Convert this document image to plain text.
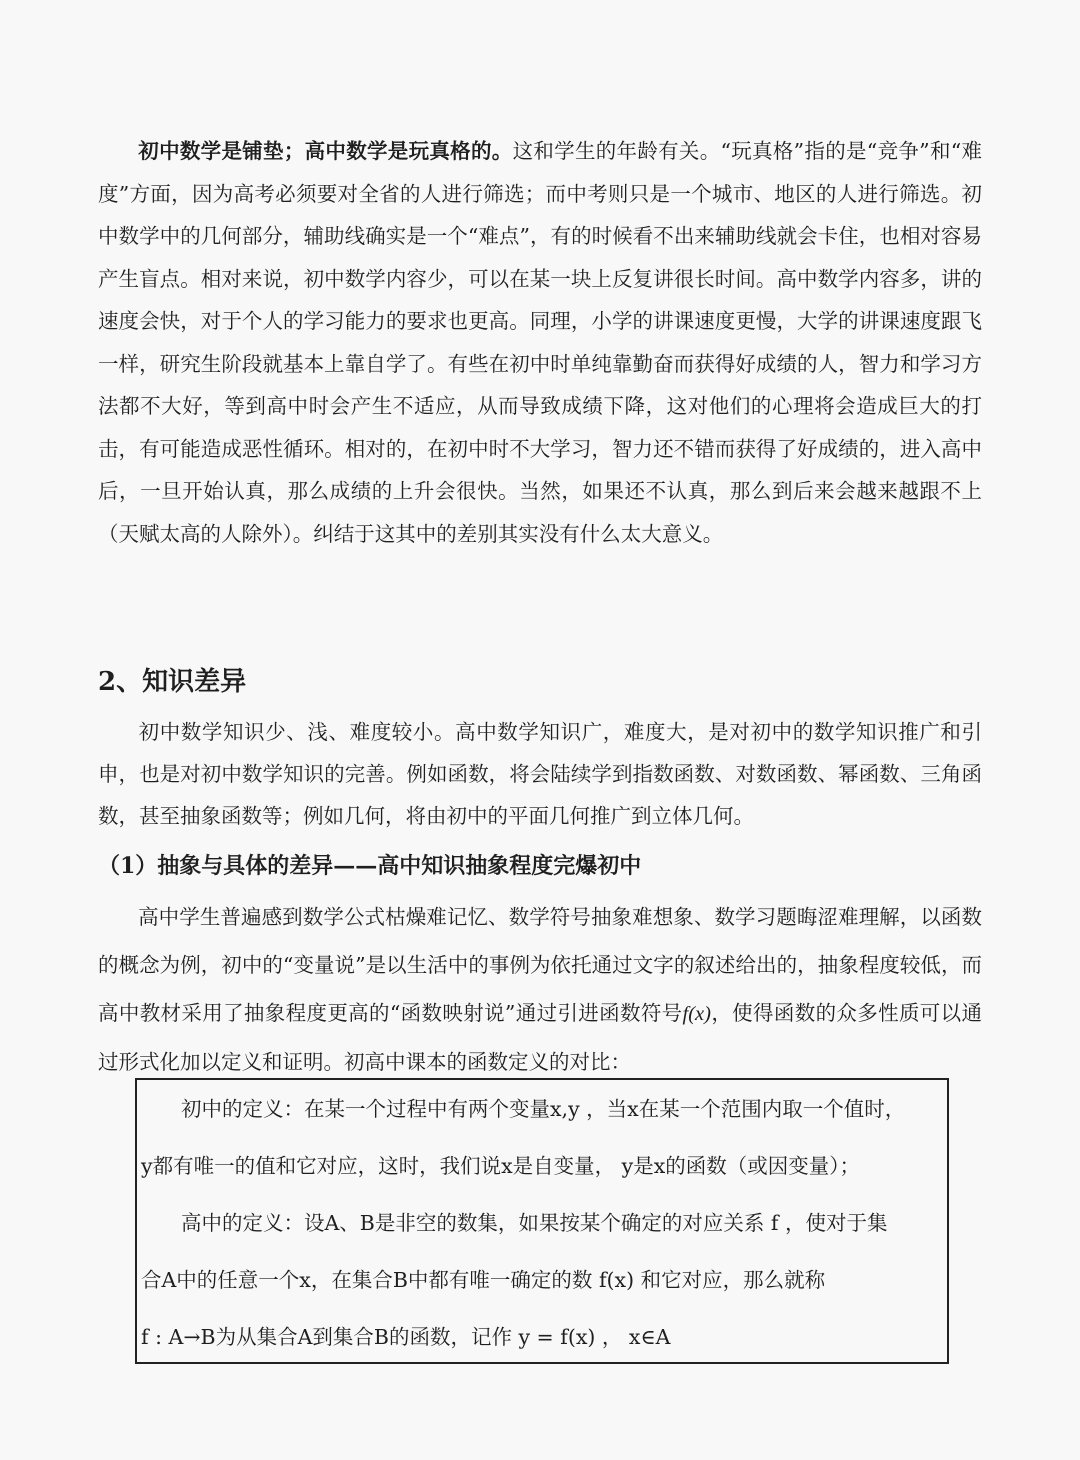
初中数学是铺垫；高中数学是玩真格的。这和学生的年龄有关。“玩真格”指的是“竞争”和“难度”方面，因为高考必须要对全省的人进行筛选；而中考则只是一个城市、地区的人进行筛选。初中数学中的几何部分，辅助线确实是一个“难点”，有的时候看不出来辅助线就会卡住，也相对容易产生盲点。相对来说，初中数学内容少，可以在某一块上反复讲很长时间。高中数学内容多，讲的速度会快，对于个人的学习能力的要求也更高。同理，小学的讲课速度更慢，大学的讲课速度跟飞一样，研究生阶段就基本上靠自学了。有些在初中时单纯靠勤奋而获得好成绩的人，智力和学习方法都不大好，等到高中时会产生不适应，从而导致成绩下降，这对他们的心理将会造成巨大的打击，有可能造成恶性循环。相对的，在初中时不大学习，智力还不错而获得了好成绩的，进入高中后，一旦开始认真，那么成绩的上升会很快。当然，如果还不认真，那么到后来会越来越跟不上（天赋太高的人除外）。纠结于这其中的差别其实没有什么太大意义。

2、知识差异

初中数学知识少、浅、难度较小。高中数学知识广，难度大，是对初中的数学知识推广和引申，也是对初中数学知识的完善。例如函数，将会陆续学到指数函数、对数函数、幂函数、三角函数，甚至抽象函数等；例如几何，将由初中的平面几何推广到立体几何。

（1）抽象与具体的差异——高中知识抽象程度完爆初中

高中学生普遍感到数学公式枯燥难记忆、数学符号抽象难想象、数学习题晦涩难理解，以函数的概念为例，初中的“变量说”是以生活中的事例为依托通过文字的叙述给出的，抽象程度较低，而高中教材采用了抽象程度更高的“函数映射说”通过引进函数符号f(x)，使得函数的众多性质可以通过形式化加以定义和证明。初高中课本的函数定义的对比：

初中的定义：在某一个过程中有两个变量x,y ，当x在某一个范围内取一个值时，

y都有唯一的值和它对应，这时，我们说x是自变量， y是x的函数（或因变量）；

高中的定义：设A、B是非空的数集，如果按某个确定的对应关系 f ，使对于集

合A中的任意一个x，在集合B中都有唯一确定的数 f(x) 和它对应，那么就称

f : A→B为从集合A到集合B的函数，记作 y = f(x) ， x∈A
